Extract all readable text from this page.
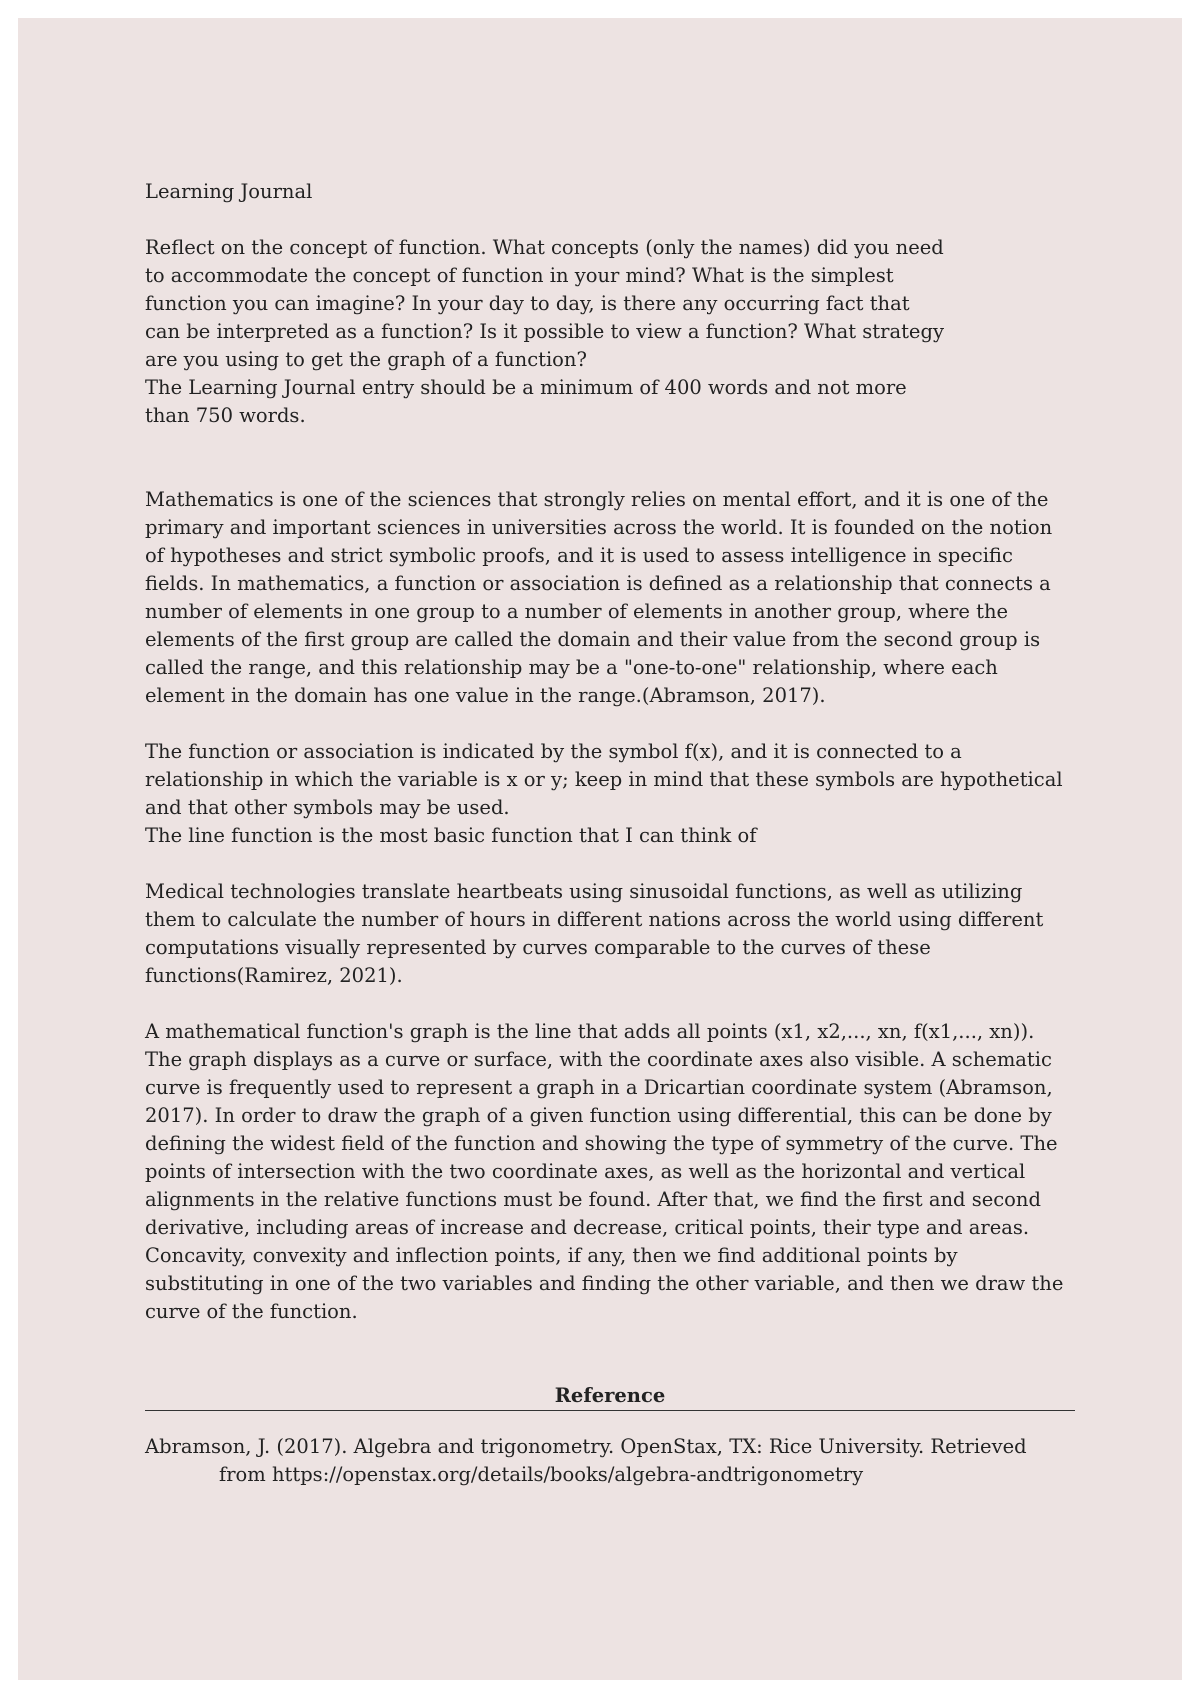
Learning Journal

Reflect on the concept of function. What concepts (only the names) did you need to accommodate the concept of function in your mind? What is the simplest function you can imagine? In your day to day, is there any occurring fact that can be interpreted as a function? Is it possible to view a function? What strategy are you using to get the graph of a function?

The Learning Journal entry should be a minimum of 400 words and not more than 750 words.

Mathematics is one of the sciences that strongly relies on mental effort, and it is one of the primary and important sciences in universities across the world. It is founded on the notion of hypotheses and strict symbolic proofs, and it is used to assess intelligence in specific fields. In mathematics, a function or association is defined as a relationship that connects a number of elements in one group to a number of elements in another group, where the elements of the first group are called the domain and their value from the second group is called the range, and this relationship may be a "one-to-one" relationship, where each element in the domain has one value in the range.(Abramson, 2017).

The function or association is indicated by the symbol f(x), and it is connected to a relationship in which the variable is x or y; keep in mind that these symbols are hypothetical and that other symbols may be used.

The line function is the most basic function that I can think of

Medical technologies translate heartbeats using sinusoidal functions, as well as utilizing them to calculate the number of hours in different nations across the world using different computations visually represented by curves comparable to the curves of these functions(Ramirez, 2021).

A mathematical function's graph is the line that adds all points (x1, x2,..., xn, f(x1,..., xn)). The graph displays as a curve or surface, with the coordinate axes also visible. A schematic curve is frequently used to represent a graph in a Dricartian coordinate system (Abramson, 2017). In order to draw the graph of a given function using differential, this can be done by defining the widest field of the function and showing the type of symmetry of the curve. The points of intersection with the two coordinate axes, as well as the horizontal and vertical alignments in the relative functions must be found. After that, we find the first and second derivative, including areas of increase and decrease, critical points, their type and areas. Concavity, convexity and inflection points, if any, then we find additional points by substituting in one of the two variables and finding the other variable, and then we draw the curve of the function.

Reference
Abramson, J. (2017). Algebra and trigonometry. OpenStax, TX: Rice University. Retrieved from https://openstax.org/details/books/algebra-andtrigonometry
